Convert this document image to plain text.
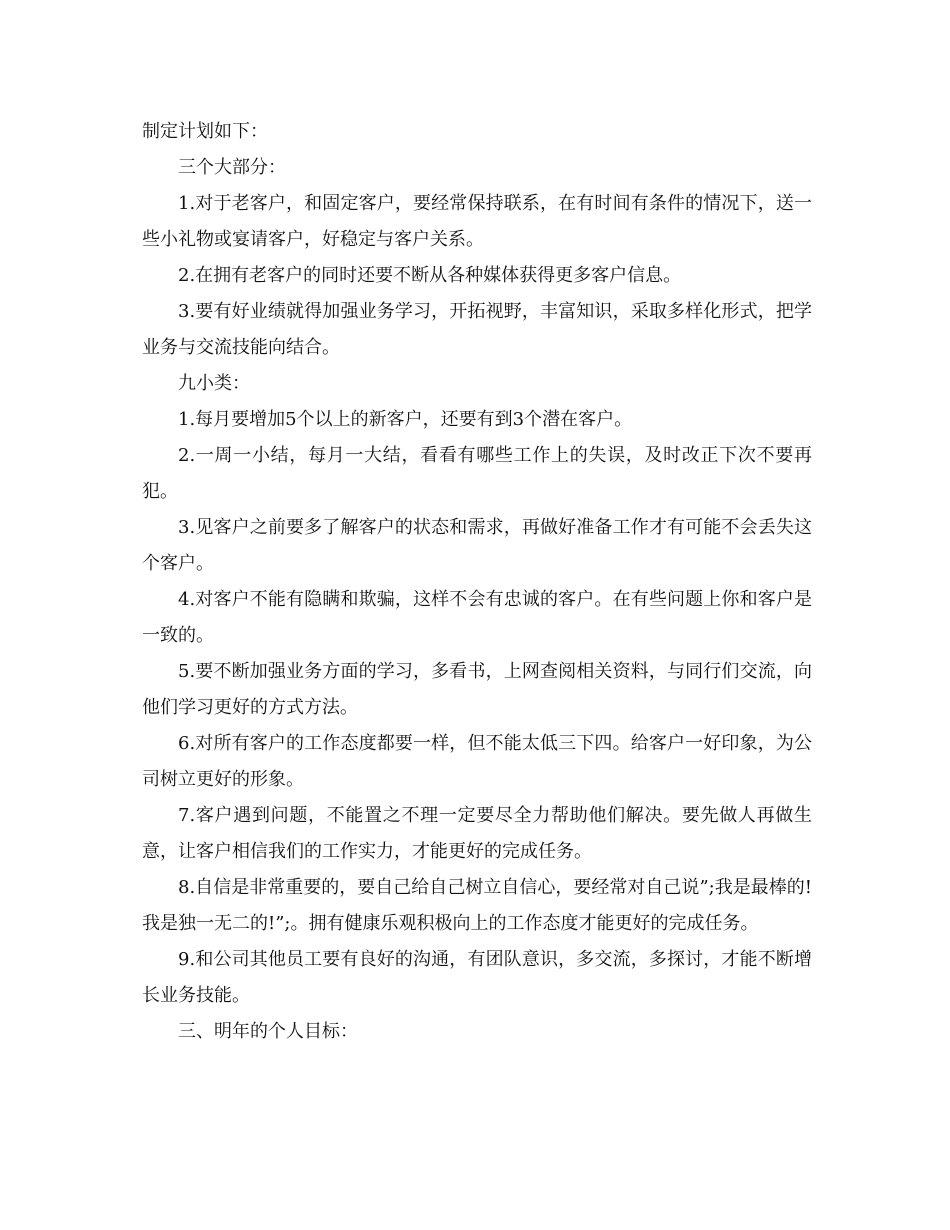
制定计划如下：

三个大部分：

1.对于老客户，和固定客户，要经常保持联系，在有时间有条件的情况下，送一些小礼物或宴请客户，好稳定与客户关系。

2.在拥有老客户的同时还要不断从各种媒体获得更多客户信息。

3.要有好业绩就得加强业务学习，开拓视野，丰富知识，采取多样化形式，把学业务与交流技能向结合。

九小类：

1.每月要增加5个以上的新客户，还要有到3个潜在客户。

2.一周一小结，每月一大结，看看有哪些工作上的失误，及时改正下次不要再犯。

3.见客户之前要多了解客户的状态和需求，再做好准备工作才有可能不会丢失这个客户。

4.对客户不能有隐瞒和欺骗，这样不会有忠诚的客户。在有些问题上你和客户是一致的。

5.要不断加强业务方面的学习，多看书，上网查阅相关资料，与同行们交流，向他们学习更好的方式方法。

6.对所有客户的工作态度都要一样，但不能太低三下四。给客户一好印象，为公司树立更好的形象。

7.客户遇到问题，不能置之不理一定要尽全力帮助他们解决。要先做人再做生意，让客户相信我们的工作实力，才能更好的完成任务。

8.自信是非常重要的，要自己给自己树立自信心，要经常对自己说”;我是最棒的!我是独一无二的!”;。拥有健康乐观积极向上的工作态度才能更好的完成任务。

9.和公司其他员工要有良好的沟通，有团队意识，多交流，多探讨，才能不断增长业务技能。

三、明年的个人目标：
